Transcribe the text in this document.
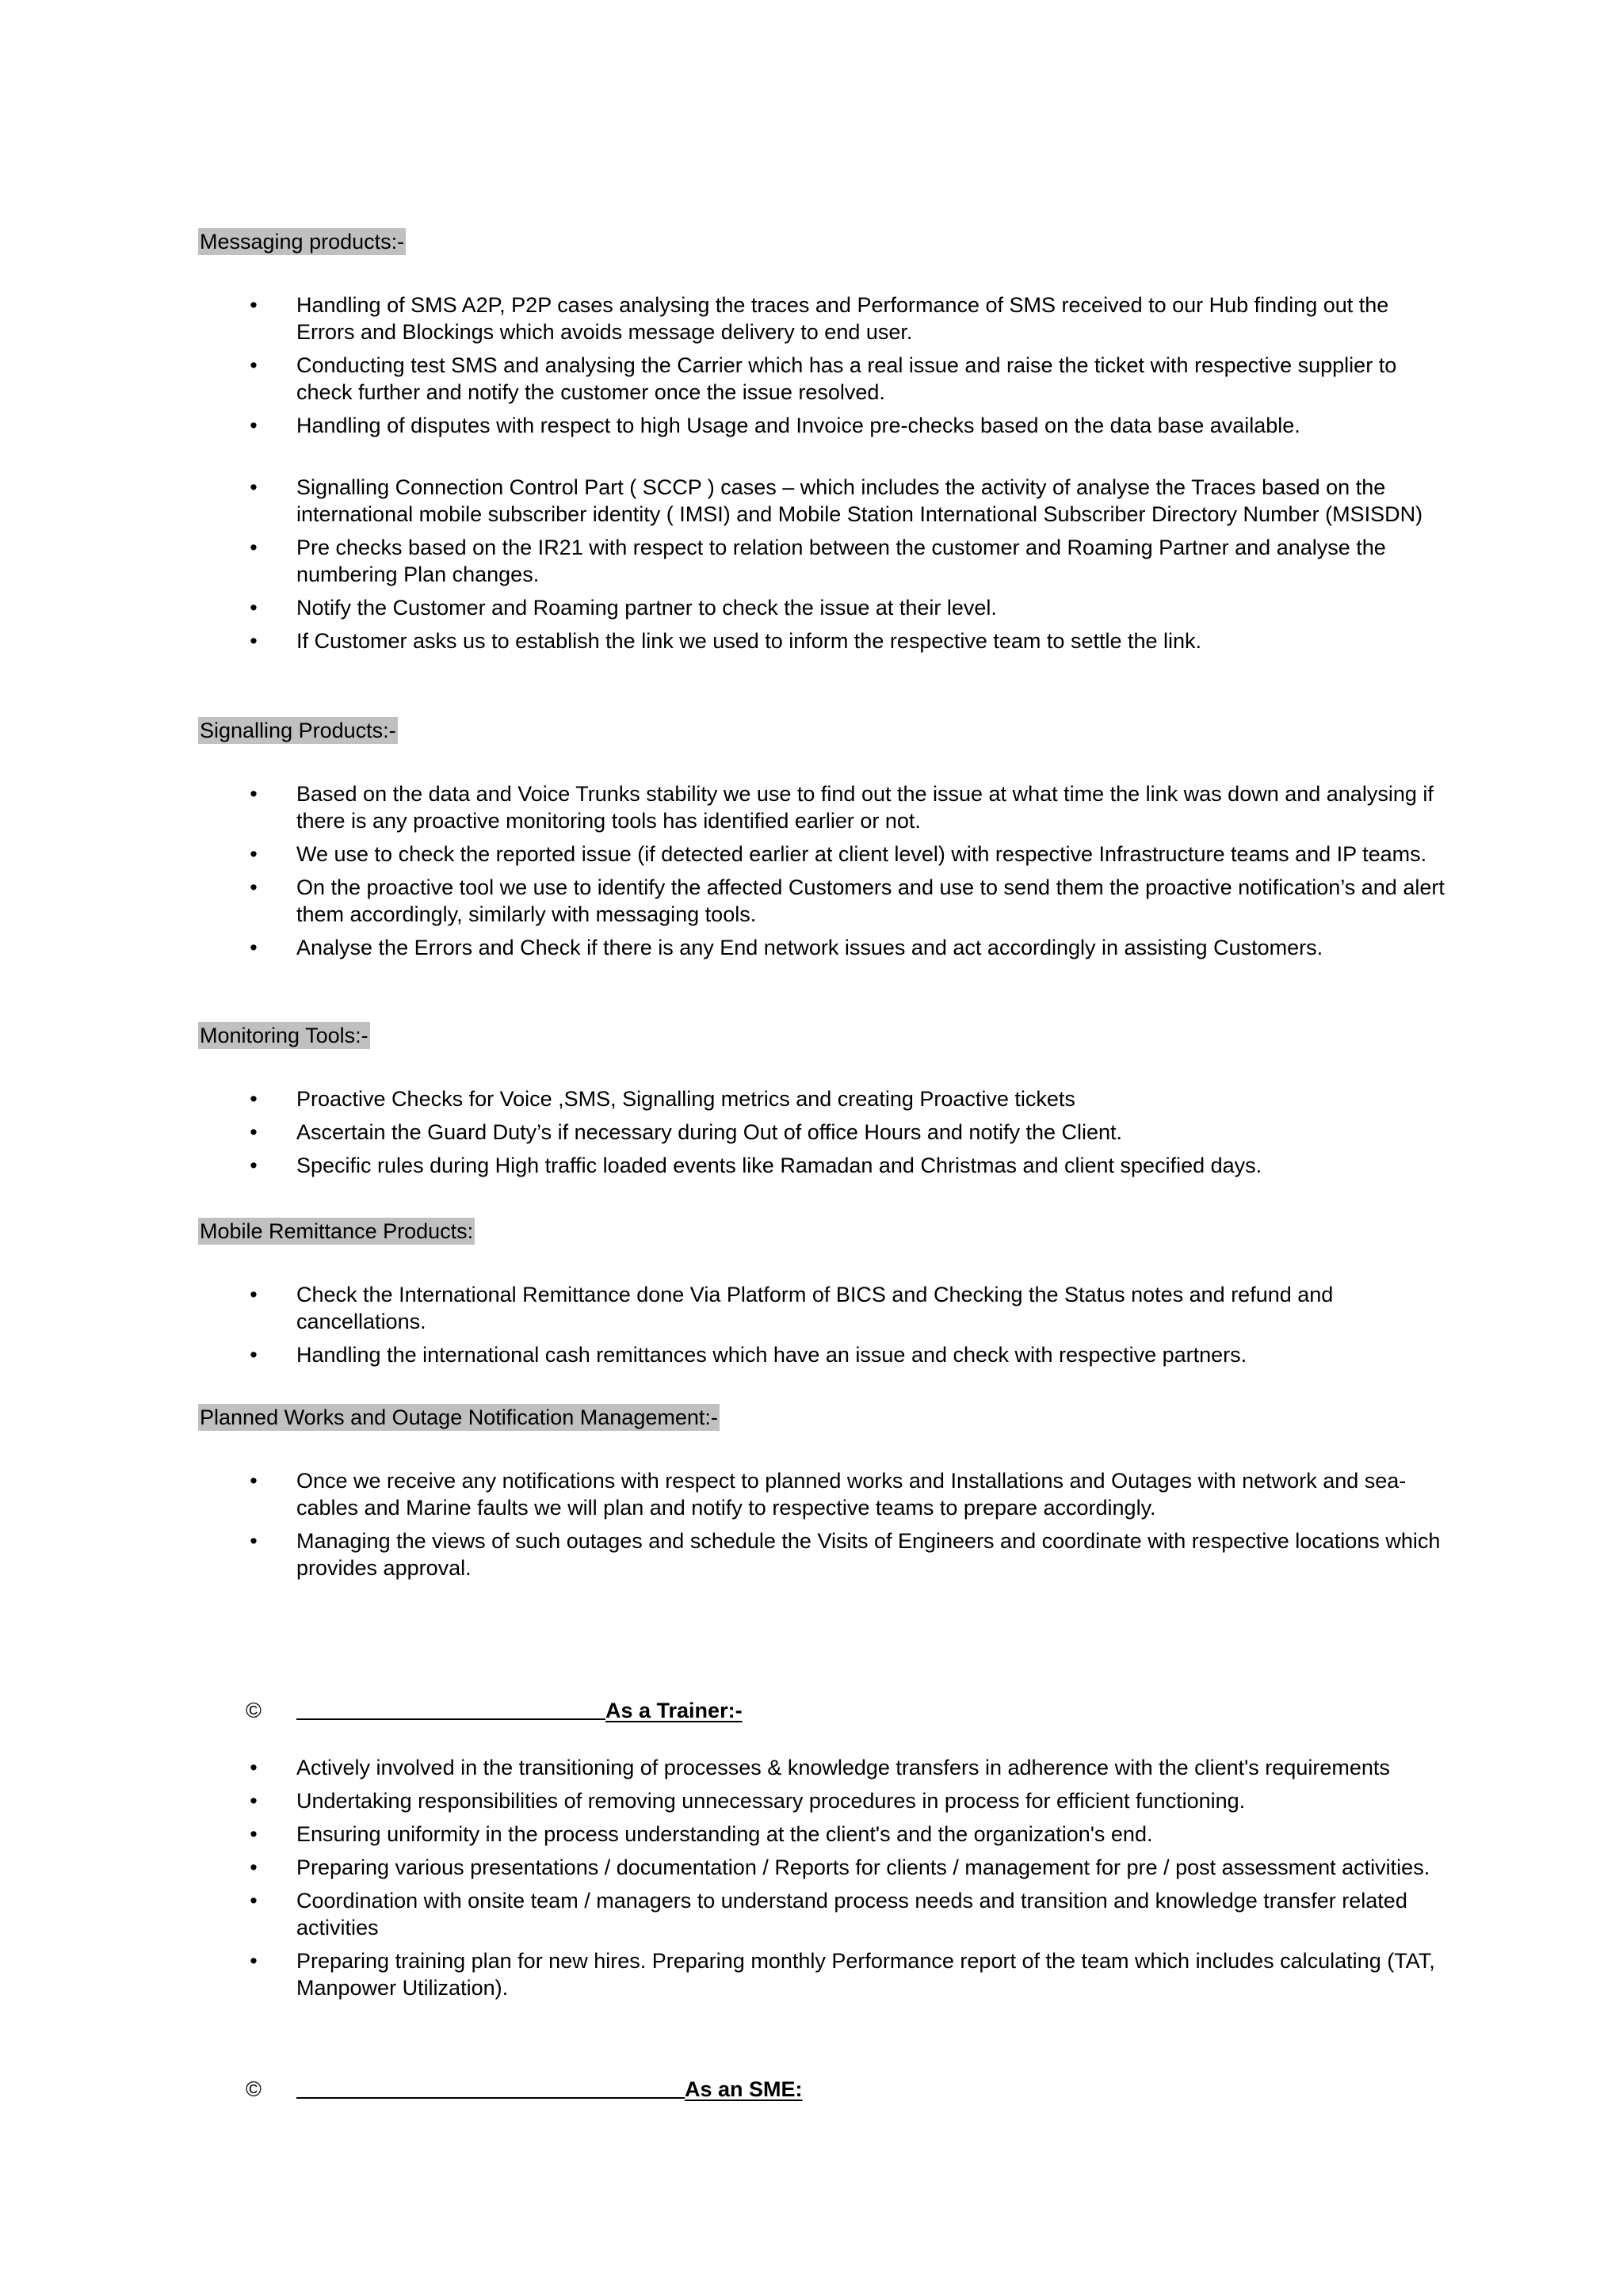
Messaging products:-
• Handling of SMS A2P, P2P cases analysing the traces and Performance of SMS received to our Hub finding out the Errors and Blockings which avoids message delivery to end user.
• Conducting test SMS and analysing the Carrier which has a real issue and raise the ticket with respective supplier to check further and notify the customer once the issue resolved.
• Handling of disputes with respect to high Usage and Invoice pre-checks based on the data base available.
• Signalling Connection Control Part ( SCCP ) cases – which includes the activity of analyse the Traces based on the international mobile subscriber identity ( IMSI) and Mobile Station International Subscriber Directory Number (MSISDN)
• Pre checks based on the IR21 with respect to relation between the customer and Roaming Partner and analyse the numbering Plan changes.
• Notify the Customer and Roaming partner to check the issue at their level.
• If Customer asks us to establish the link we used to inform the respective team to settle the link.
Signalling Products:-
• Based on the data and Voice Trunks stability we use to find out the issue at what time the link was down and analysing if there is any proactive monitoring tools has identified earlier or not.
• We use to check the reported issue (if detected earlier at client level) with respective Infrastructure teams and IP teams.
• On the proactive tool we use to identify the affected Customers and use to send them the proactive notification’s and alert them accordingly, similarly with messaging tools.
• Analyse the Errors and Check if there is any End network issues and act accordingly in assisting Customers.
Monitoring Tools:-
• Proactive Checks for Voice ,SMS, Signalling metrics and creating Proactive tickets
• Ascertain the Guard Duty’s if necessary during Out of office Hours and notify the Client.
• Specific rules during High traffic loaded events like Ramadan and Christmas and client specified days.
Mobile Remittance Products:
• Check the International Remittance done Via Platform of BICS and Checking the Status notes and refund and cancellations.
• Handling the international cash remittances which have an issue and check with respective partners.
Planned Works and Outage Notification Management:-
• Once we receive any notifications with respect to planned works and Installations and Outages with network and sea-cables and Marine faults we will plan and notify to respective teams to prepare accordingly.
• Managing the views of such outages and schedule the Visits of Engineers and coordinate with respective locations which provides approval.
©	As a Trainer:-
• Actively involved in the transitioning of processes & knowledge transfers in adherence with the client's requirements
• Undertaking responsibilities of removing unnecessary procedures in process for efficient functioning.
• Ensuring uniformity in the process understanding at the client's and the organization's end.
• Preparing various presentations / documentation / Reports for clients / management for pre / post assessment activities.
• Coordination with onsite team / managers to understand process needs and transition and knowledge transfer related activities
• Preparing training plan for new hires. Preparing monthly Performance report of the team which includes calculating (TAT, Manpower Utilization).
©	As an SME:
